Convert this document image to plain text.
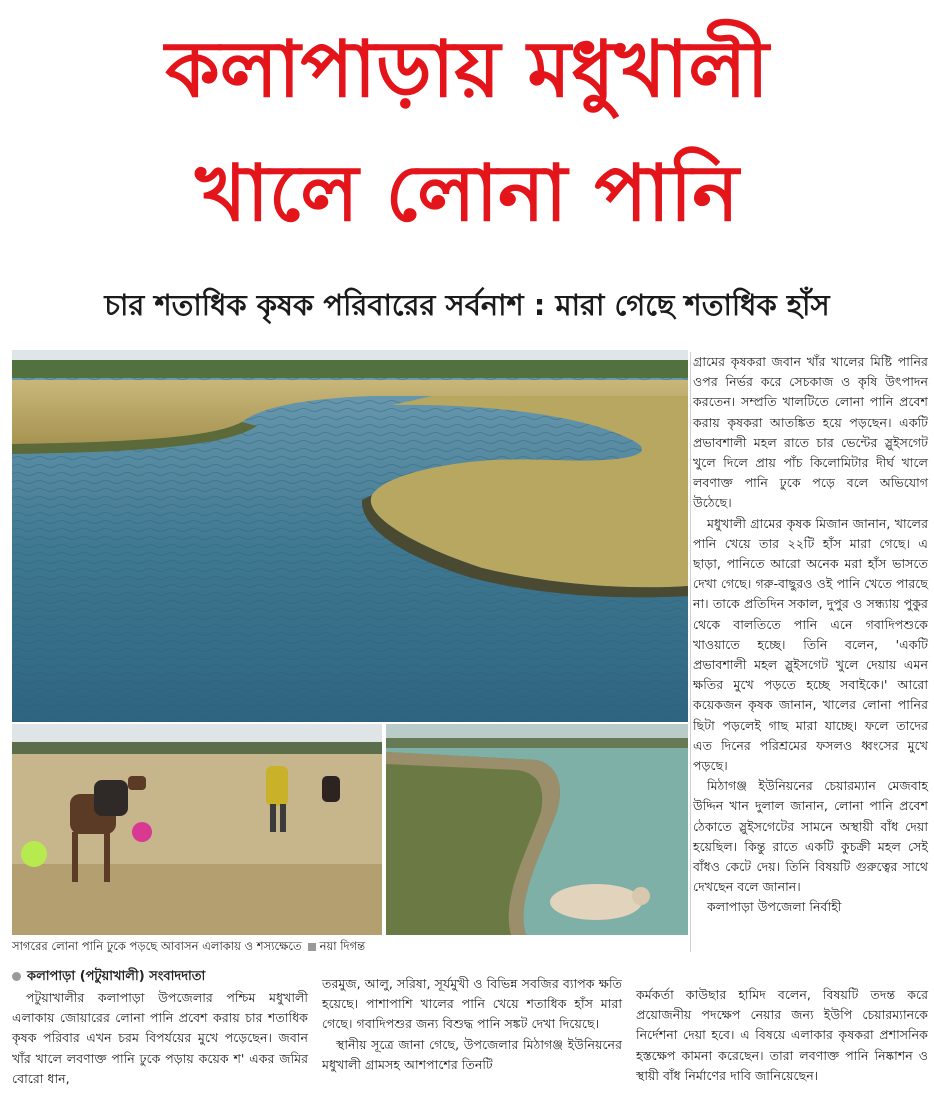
কলাপাড়ায় মধুখালী
খালে লোনা পানি
চার শতাধিক কৃষক পরিবারের সর্বনাশ : মারা গেছে শতাধিক হাঁস
সাগরের লোনা পানি ঢুকে পড়ছে আবাসন এলাকায় ও শস্যক্ষেতে নয়া দিগন্ত

গ্রামের কৃষকরা জবান খাঁর খালের মিষ্টি পানির ওপর নির্ভর করে সেচকাজ ও কৃষি উৎপাদন করতেন। সম্প্রতি খালটিতে লোনা পানি প্রবেশ করায় কৃষকরা আতঙ্কিত হয়ে পড়ছেন। একটি প্রভাবশালী মহল রাতে চার ভেন্টের স্লুইসগেট খুলে দিলে প্রায় পাঁচ কিলোমিটার দীর্ঘ খালে লবণাক্ত পানি ঢুকে পড়ে বলে অভিযোগ উঠেছে।

মধুখালী গ্রামের কৃষক মিজান জানান, খালের পানি খেয়ে তার ২২টি হাঁস মারা গেছে। এ ছাড়া, পানিতে আরো অনেক মরা হাঁস ভাসতে দেখা গেছে। গরু-বাছুরও ওই পানি খেতে পারছে না। তাকে প্রতিদিন সকাল, দুপুর ও সন্ধ্যায় পুকুর থেকে বালতিতে পানি এনে গবাদিপশুকে খাওয়াতে হচ্ছে। তিনি বলেন, 'একটি প্রভাবশালী মহল স্লুইসগেট খুলে দেয়ায় এমন ক্ষতির মুখে পড়তে হচ্ছে সবাইকে।' আরো কয়েকজন কৃষক জানান, খালের লোনা পানির ছিটা পড়লেই গাছ মারা যাচ্ছে। ফলে তাদের এত দিনের পরিশ্রমের ফসলও ধ্বংসের মুখে পড়ছে।

মিঠাগঞ্জ ইউনিয়নের চেয়ারম্যান মেজবাহ উদ্দিন খান দুলাল জানান, লোনা পানি প্রবেশ ঠেকাতে স্লুইসগেটের সামনে অস্থায়ী বাঁধ দেয়া হয়েছিল। কিন্তু রাতে একটি কুচক্রী মহল সেই বাঁধও কেটে দেয়। তিনি বিষয়টি গুরুত্বের সাথে দেখছেন বলে জানান।

কলাপাড়া উপজেলা নির্বাহী

কলাপাড়া (পটুয়াখালী) সংবাদদাতা

পটুয়াখালীর কলাপাড়া উপজেলার পশ্চিম মধুখালী এলাকায় জোয়ারের লোনা পানি প্রবেশ করায় চার শতাধিক কৃষক পরিবার এখন চরম বিপর্যয়ের মুখে পড়েছেন। জবান খাঁর খালে লবণাক্ত পানি ঢুকে পড়ায় কয়েক শ' একর জমির বোরো ধান,

তরমুজ, আলু, সরিষা, সূর্যমুখী ও বিভিন্ন সবজির ব্যাপক ক্ষতি হয়েছে। পাশাপাশি খালের পানি খেয়ে শতাধিক হাঁস মারা গেছে। গবাদিপশুর জন্য বিশুদ্ধ পানি সঙ্কট দেখা দিয়েছে।

স্থানীয় সূত্রে জানা গেছে, উপজেলার মিঠাগঞ্জ ইউনিয়নের মধুখালী গ্রামসহ আশপাশের তিনটি

কর্মকর্তা কাউছার হামিদ বলেন, বিষয়টি তদন্ত করে প্রয়োজনীয় পদক্ষেপ নেয়ার জন্য ইউপি চেয়ারম্যানকে নির্দেশনা দেয়া হবে। এ বিষয়ে এলাকার কৃষকরা প্রশাসনিক হস্তক্ষেপ কামনা করেছেন। তারা লবণাক্ত পানি নিষ্কাশন ও স্থায়ী বাঁধ নির্মাণের দাবি জানিয়েছেন।
